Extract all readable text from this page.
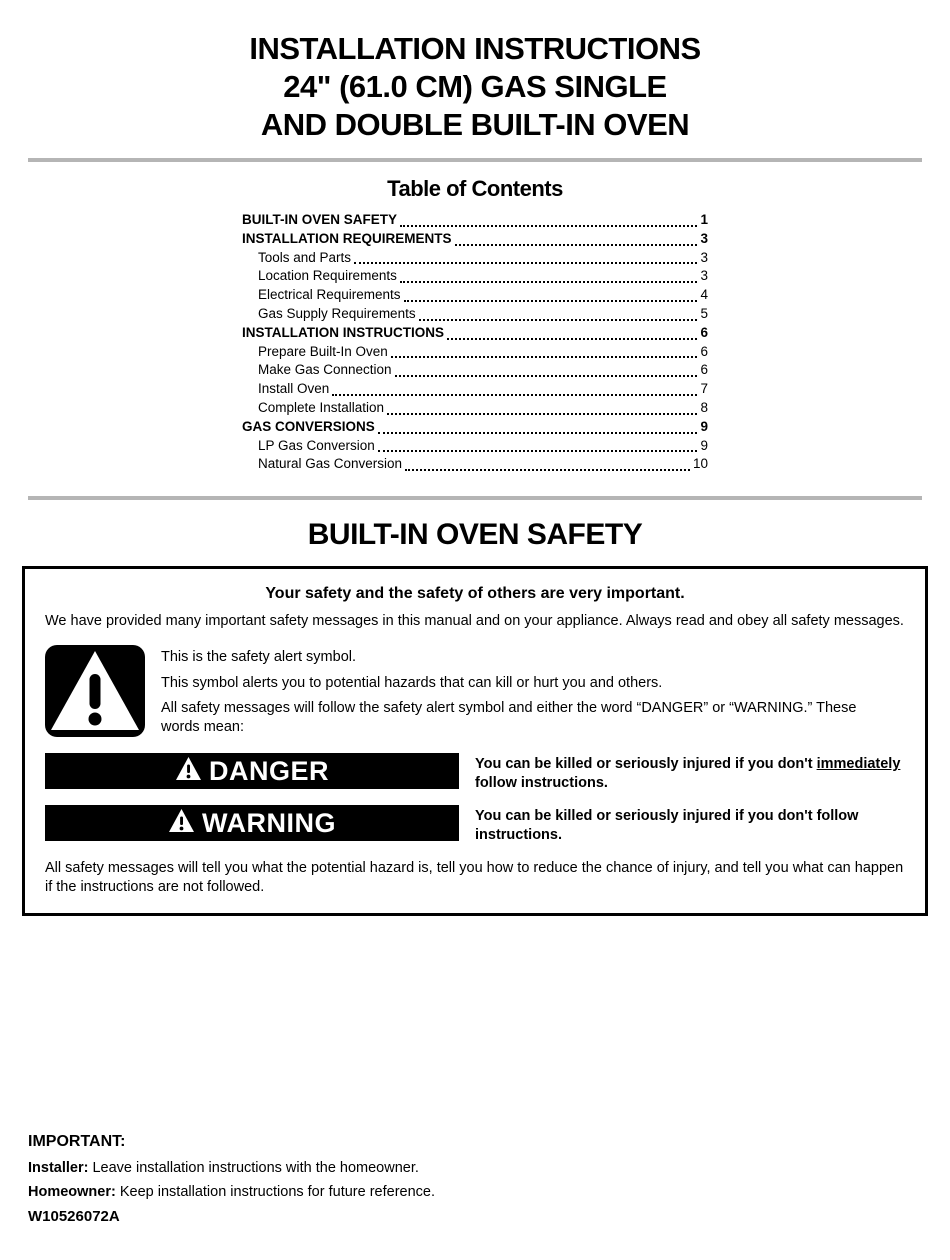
INSTALLATION INSTRUCTIONS
24" (61.0 CM) GAS SINGLE
AND DOUBLE BUILT-IN OVEN
Table of Contents
BUILT-IN OVEN SAFETY	1
INSTALLATION REQUIREMENTS	3
Tools and Parts	3
Location Requirements	3
Electrical Requirements	4
Gas Supply Requirements	5
INSTALLATION INSTRUCTIONS	6
Prepare Built-In Oven	6
Make Gas Connection	6
Install Oven	7
Complete Installation	8
GAS CONVERSIONS	9
LP Gas Conversion	9
Natural Gas Conversion	10
BUILT-IN OVEN SAFETY
Your safety and the safety of others are very important.

We have provided many important safety messages in this manual and on your appliance. Always read and obey all safety messages.

This is the safety alert symbol.

This symbol alerts you to potential hazards that can kill or hurt you and others.

All safety messages will follow the safety alert symbol and either the word “DANGER” or “WARNING.” These words mean:

DANGER	You can be killed or seriously injured if you don't immediately follow instructions.

WARNING	You can be killed or seriously injured if you don't follow instructions.

All safety messages will tell you what the potential hazard is, tell you how to reduce the chance of injury, and tell you what can happen if the instructions are not followed.

IMPORTANT:

Installer: Leave installation instructions with the homeowner.

Homeowner: Keep installation instructions for future reference.

W10526072A
